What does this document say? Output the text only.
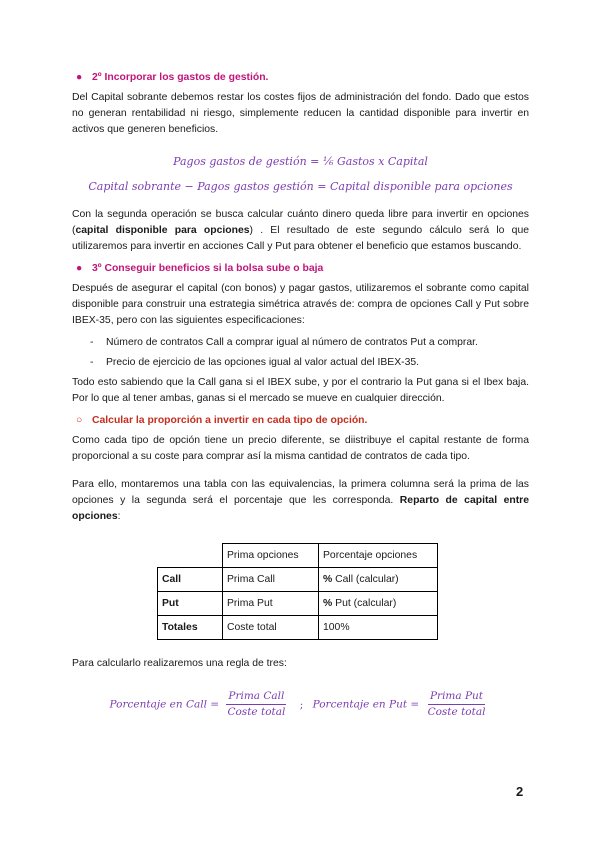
● 2º Incorporar los gastos de gestión.

Del Capital sobrante debemos restar los costes fijos de administración del fondo. Dado que estos no generan rentabilidad ni riesgo, simplemente reducen la cantidad disponible para invertir en activos que generen beneficios.

Pagos gastos de gestión = ⅙ Gastos x Capital

Capital sobrante − Pagos gastos gestión = Capital disponible para opciones

Con la segunda operación se busca calcular cuánto dinero queda libre para invertir en opciones (capital disponible para opciones) . El resultado de este segundo cálculo será lo que utilizaremos para invertir en acciones Call y Put para obtener el beneficio que estamos buscando.

● 3º Conseguir beneficios si la bolsa sube o baja

Después de asegurar el capital (con bonos) y pagar gastos, utilizaremos el sobrante como capital disponible para construir una estrategia simétrica através de: compra de opciones Call y Put sobre IBEX-35, pero con las siguientes especificaciones:

- Número de contratos Call a comprar igual al número de contratos Put a comprar.
- Precio de ejercicio de las opciones igual al valor actual del IBEX-35.

Todo esto sabiendo que la Call gana si el IBEX sube, y por el contrario la Put gana si el Ibex baja. Por lo que al tener ambas, ganas si el mercado se mueve en cualquier dirección.

○ Calcular la proporción a invertir en cada tipo de opción.

Como cada tipo de opción tiene un precio diferente, se diistribuye el capital restante de forma proporcional a su coste para comprar así la misma cantidad de contratos de cada tipo.

Para ello, montaremos una tabla con las equivalencias, la primera columna será la prima de las opciones y la segunda será el porcentaje que les corresponda. Reparto de capital entre opciones:

	Prima opciones	Porcentaje opciones
Call	Prima Call	% Call (calcular)
Put	Prima Put	% Put (calcular)
Totales	Coste total	100%
Para calcularlo realizaremos una regla de tres:
Porcentaje en Call = $\frac{\text{Prima Call}}{\text{Coste total}}$ ; Porcentaje en Put = $\frac{\text{Prima Put}}{\text{Coste total}}$
2
